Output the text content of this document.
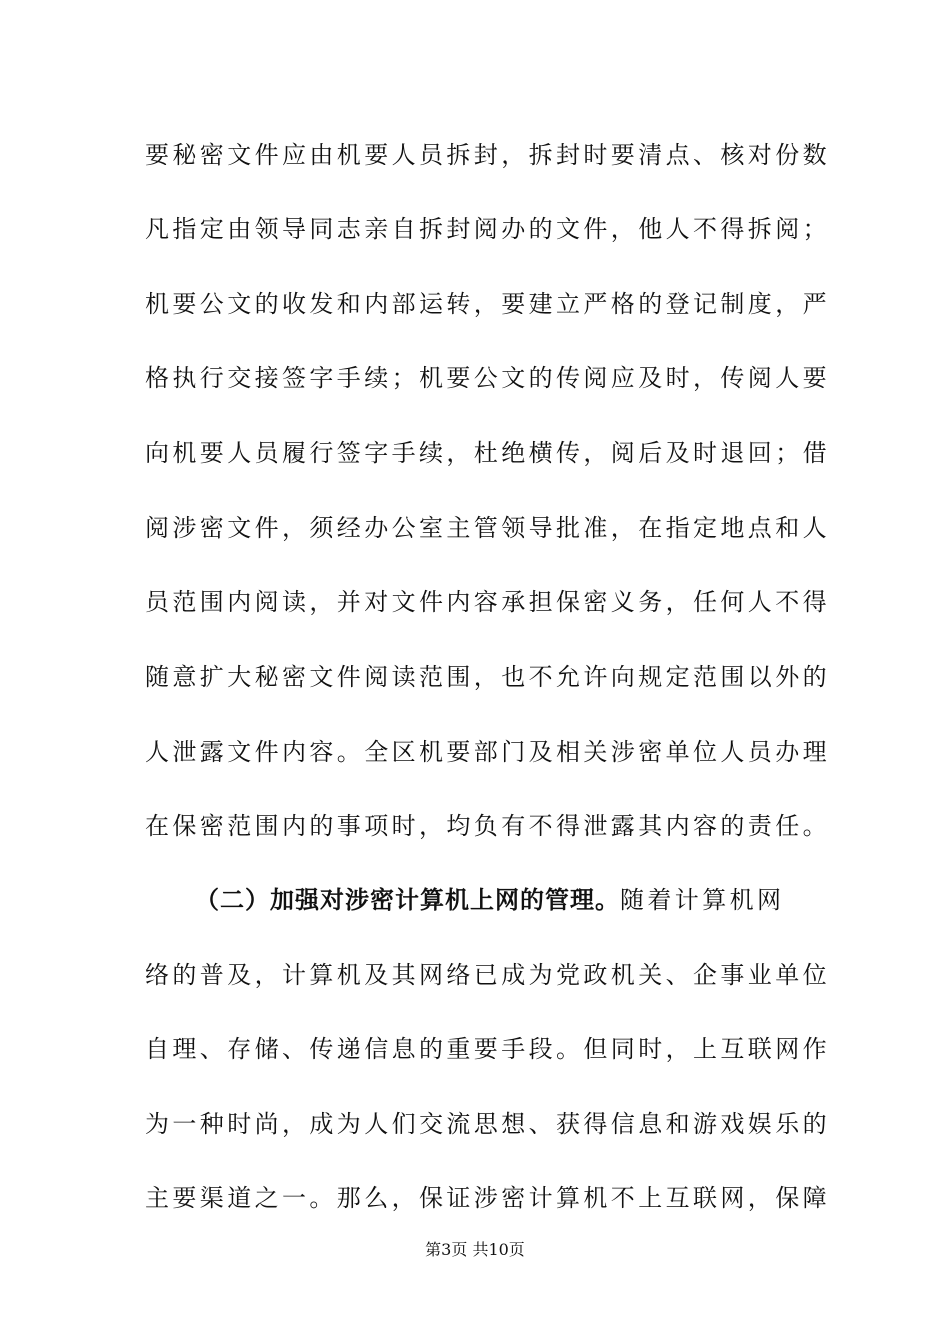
要秘密文件应由机要人员拆封，拆封时要清点、核对份数
凡指定由领导同志亲自拆封阅办的文件，他人不得拆阅；
机要公文的收发和内部运转，要建立严格的登记制度，严
格执行交接签字手续；机要公文的传阅应及时，传阅人要
向机要人员履行签字手续，杜绝横传，阅后及时退回；借
阅涉密文件，须经办公室主管领导批准，在指定地点和人
员范围内阅读，并对文件内容承担保密义务，任何人不得
随意扩大秘密文件阅读范围，也不允许向规定范围以外的
人泄露文件内容。全区机要部门及相关涉密单位人员办理
在保密范围内的事项时，均负有不得泄露其内容的责任。
（二）加强对涉密计算机上网的管理。随着计算机网
络的普及，计算机及其网络已成为党政机关、企事业单位
自理、存储、传递信息的重要手段。但同时，上互联网作
为一种时尚，成为人们交流思想、获得信息和游戏娱乐的
主要渠道之一。那么，保证涉密计算机不上互联网，保障
第3页 共10页
